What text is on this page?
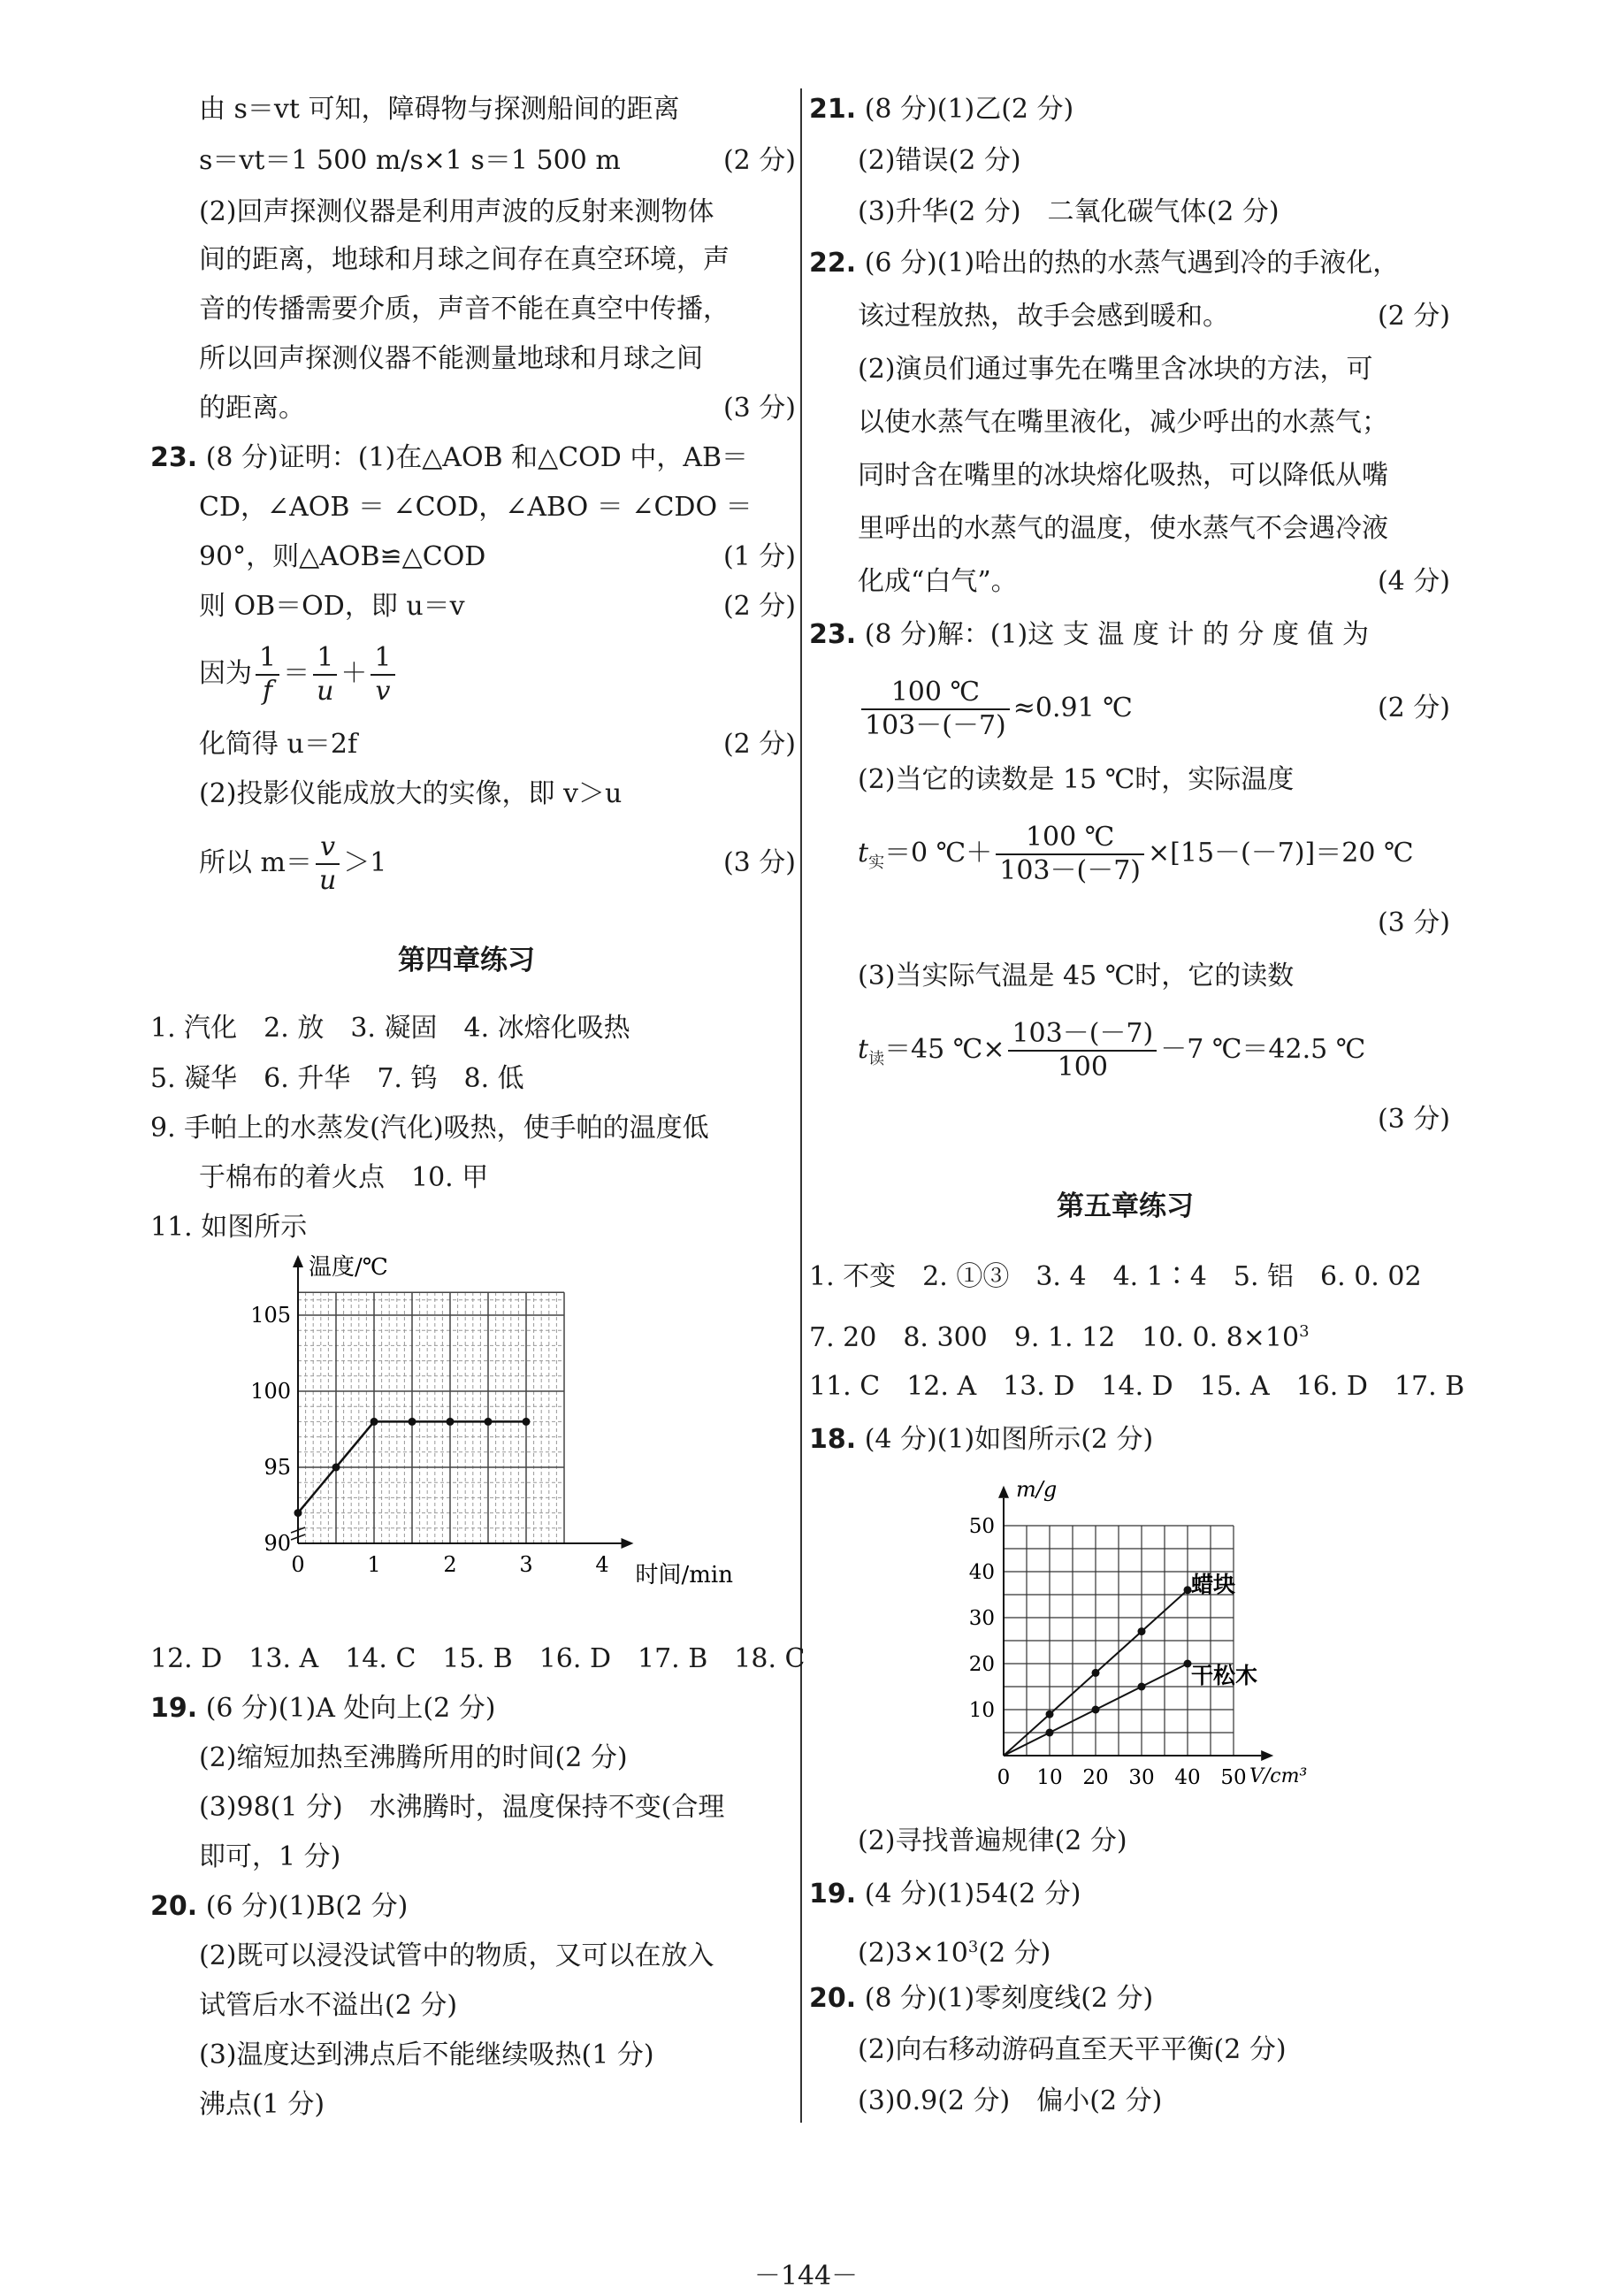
由 s＝vt 可知，障碍物与探测船间的距离
s＝vt＝1 500 m/s×1 s＝1 500 m	(2 分)
(2)回声探测仪器是利用声波的反射来测物体
间的距离，地球和月球之间存在真空环境，声
音的传播需要介质，声音不能在真空中传播，
所以回声探测仪器不能测量地球和月球之间
的距离。	(3 分)
23. (8 分)证明：(1)在△AOB 和△COD 中，AB＝
CD，∠AOB ＝ ∠COD，∠ABO ＝ ∠CDO ＝
90°，则△AOB≌△COD	(1 分)
则 OB＝OD，即 u＝v	(2 分)
因为 $\frac{1}{f} = \frac{1}{u} + \frac{1}{v}$
化简得 u＝2f	(2 分)
(2)投影仪能成放大的实像，即 v＞u
所以 $m= \frac{v}{u} >1$	(3 分)
第四章练习
1. 汽化　2. 放　3. 凝固　4. 冰熔化吸热
5. 凝华　6. 升华　7. 钨　8. 低
9. 手帕上的水蒸发(汽化)吸热，使手帕的温度低
于棉布的着火点　10. 甲
11. 如图所示
0	1	2	3	4
90
95
100
105
温度/℃
时间/min
12. D　13. A　14. C　15. B　16. D　17. B　18. C
19. (6 分)(1)A 处向上(2 分)
(2)缩短加热至沸腾所用的时间(2 分)
(3)98(1 分)　水沸腾时，温度保持不变(合理
即可，1 分)
20. (6 分)(1)B(2 分)
(2)既可以浸没试管中的物质，又可以在放入
试管后水不溢出(2 分)
(3)温度达到沸点后不能继续吸热(1 分)
沸点(1 分)
21. (8 分)(1)乙(2 分)
(2)错误(2 分)
(3)升华(2 分)　二氧化碳气体(2 分)
22. (6 分)(1)哈出的热的水蒸气遇到冷的手液化，
该过程放热，故手会感到暖和。	(2 分)
(2)演员们通过事先在嘴里含冰块的方法，可
以使水蒸气在嘴里液化，减少呼出的水蒸气；
同时含在嘴里的冰块熔化吸热，可以降低从嘴
里呼出的水蒸气的温度，使水蒸气不会遇冷液
化成“白气”。	(4 分)
23. (8 分)解：(1)这 支 温 度 计 的 分 度 值 为
$\frac{100 ℃}{103-(-7)} \approx 0.91$ ℃	(2 分)
(2)当它的读数是 15 ℃时，实际温度
$t_实=0$ ℃＋ $\frac{100 ℃}{103-(-7)} \times[15-(-7)]=20$ ℃
(3 分)
(3)当实际气温是 45 ℃时，它的读数
$t_读=45$ ℃× $\frac{103-(-7)}{100} -7$ ℃＝42.5 ℃
(3 分)
第五章练习
1. 不变　2. ①③　3. 4　4. 1∶4　5. 铝　6. 0. 02
7. 20　8. 300　9. 1. 12　10. 0. $8\times 10^3$
11. C　12. A　13. D　14. D　15. A　16. D　17. B
18. (4 分)(1)如图所示(2 分)
0 10 20 30 40 50
10
20
30
40
50
m/g
V/cm³
蜡块
干松木
(2)寻找普遍规律(2 分)
19. (4 分)(1)54(2 分)
$(2)3\times 10^3(2$ 分)
20. (8 分)(1)零刻度线(2 分)
(2)向右移动游码直至天平平衡(2 分)
(3)0.9(2 分)　偏小(2 分)
－144－
